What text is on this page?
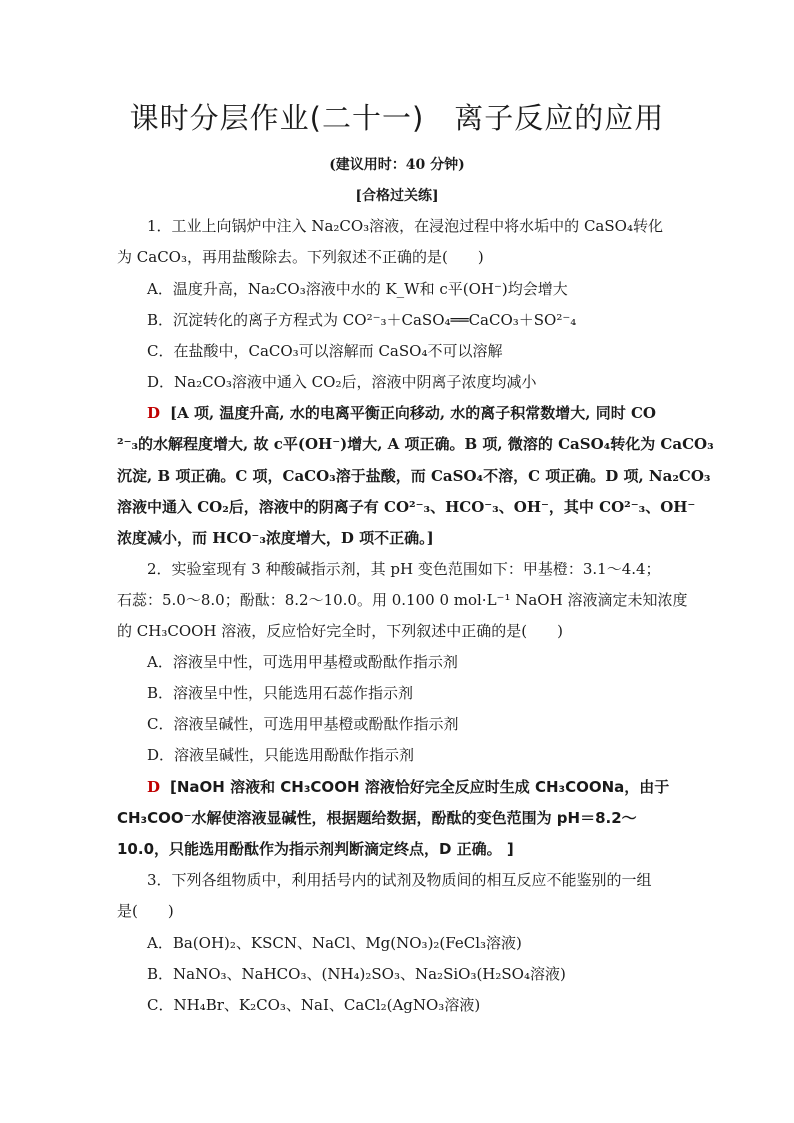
课时分层作业(二十一)　离子反应的应用
(建议用时：40 分钟)
[合格过关练]
1．工业上向锅炉中注入 Na₂CO₃溶液，在浸泡过程中将水垢中的 CaSO₄转化
为 CaCO₃，再用盐酸除去。下列叙述不正确的是(　　)
A．温度升高，Na₂CO₃溶液中水的 K_W和 c平(OH⁻)均会增大
B．沉淀转化的离子方程式为 CO²⁻₃＋CaSO₄══CaCO₃＋SO²⁻₄
C．在盐酸中，CaCO₃可以溶解而 CaSO₄不可以溶解
D．Na₂CO₃溶液中通入 CO₂后，溶液中阴离子浓度均减小
D [A 项, 温度升高, 水的电离平衡正向移动, 水的离子积常数增大, 同时 CO
²⁻₃的水解程度增大, 故 c平(OH⁻)增大, A 项正确。B 项, 微溶的 CaSO₄转化为 CaCO₃
沉淀, B 项正确。C 项，CaCO₃溶于盐酸，而 CaSO₄不溶，C 项正确。D 项, Na₂CO₃
溶液中通入 CO₂后，溶液中的阴离子有 CO²⁻₃、HCO⁻₃、OH⁻，其中 CO²⁻₃、OH⁻
浓度减小，而 HCO⁻₃浓度增大，D 项不正确。]
2．实验室现有 3 种酸碱指示剂，其 pH 变色范围如下：甲基橙：3.1～4.4；
石蕊：5.0～8.0；酚酞：8.2～10.0。用 0.100 0 mol·L⁻¹ NaOH 溶液滴定未知浓度
的 CH₃COOH 溶液，反应恰好完全时，下列叙述中正确的是(　　)
A．溶液呈中性，可选用甲基橙或酚酞作指示剂
B．溶液呈中性，只能选用石蕊作指示剂
C．溶液呈碱性，可选用甲基橙或酚酞作指示剂
D．溶液呈碱性，只能选用酚酞作指示剂
D [NaOH 溶液和 CH₃COOH 溶液恰好完全反应时生成 CH₃COONa，由于
CH₃COO⁻水解使溶液显碱性，根据题给数据，酚酞的变色范围为 pH＝8.2～
10.0，只能选用酚酞作为指示剂判断滴定终点，D 正确。 ]
3．下列各组物质中，利用括号内的试剂及物质间的相互反应不能鉴别的一组
是(　　)
A．Ba(OH)₂、KSCN、NaCl、Mg(NO₃)₂(FeCl₃溶液)
B．NaNO₃、NaHCO₃、(NH₄)₂SO₃、Na₂SiO₃(H₂SO₄溶液)
C．NH₄Br、K₂CO₃、NaI、CaCl₂(AgNO₃溶液)
